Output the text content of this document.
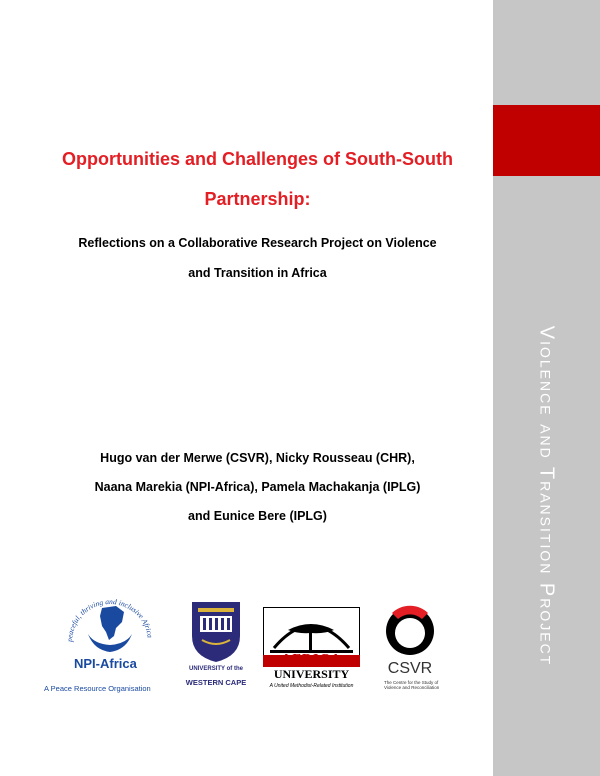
Violence and Transition Project

Opportunities and Challenges of South-South

Partnership:

Reflections on a Collaborative Research Project on Violence

and Transition in Africa

Hugo van der Merwe (CSVR), Nicky Rousseau (CHR),
Naana Marekia (NPI-Africa), Pamela Machakanja (IPLG)
and Eunice Bere (IPLG)
peaceful, thriving and inclusive Africa
NPI-Africa
A Peace Resource Organisation
UNIVERSITY of the
WESTERN CAPE
AFRICA
UNIVERSITY
A United Methodist-Related Institution
CSVR
The Centre for the Study of Violence and Reconciliation
